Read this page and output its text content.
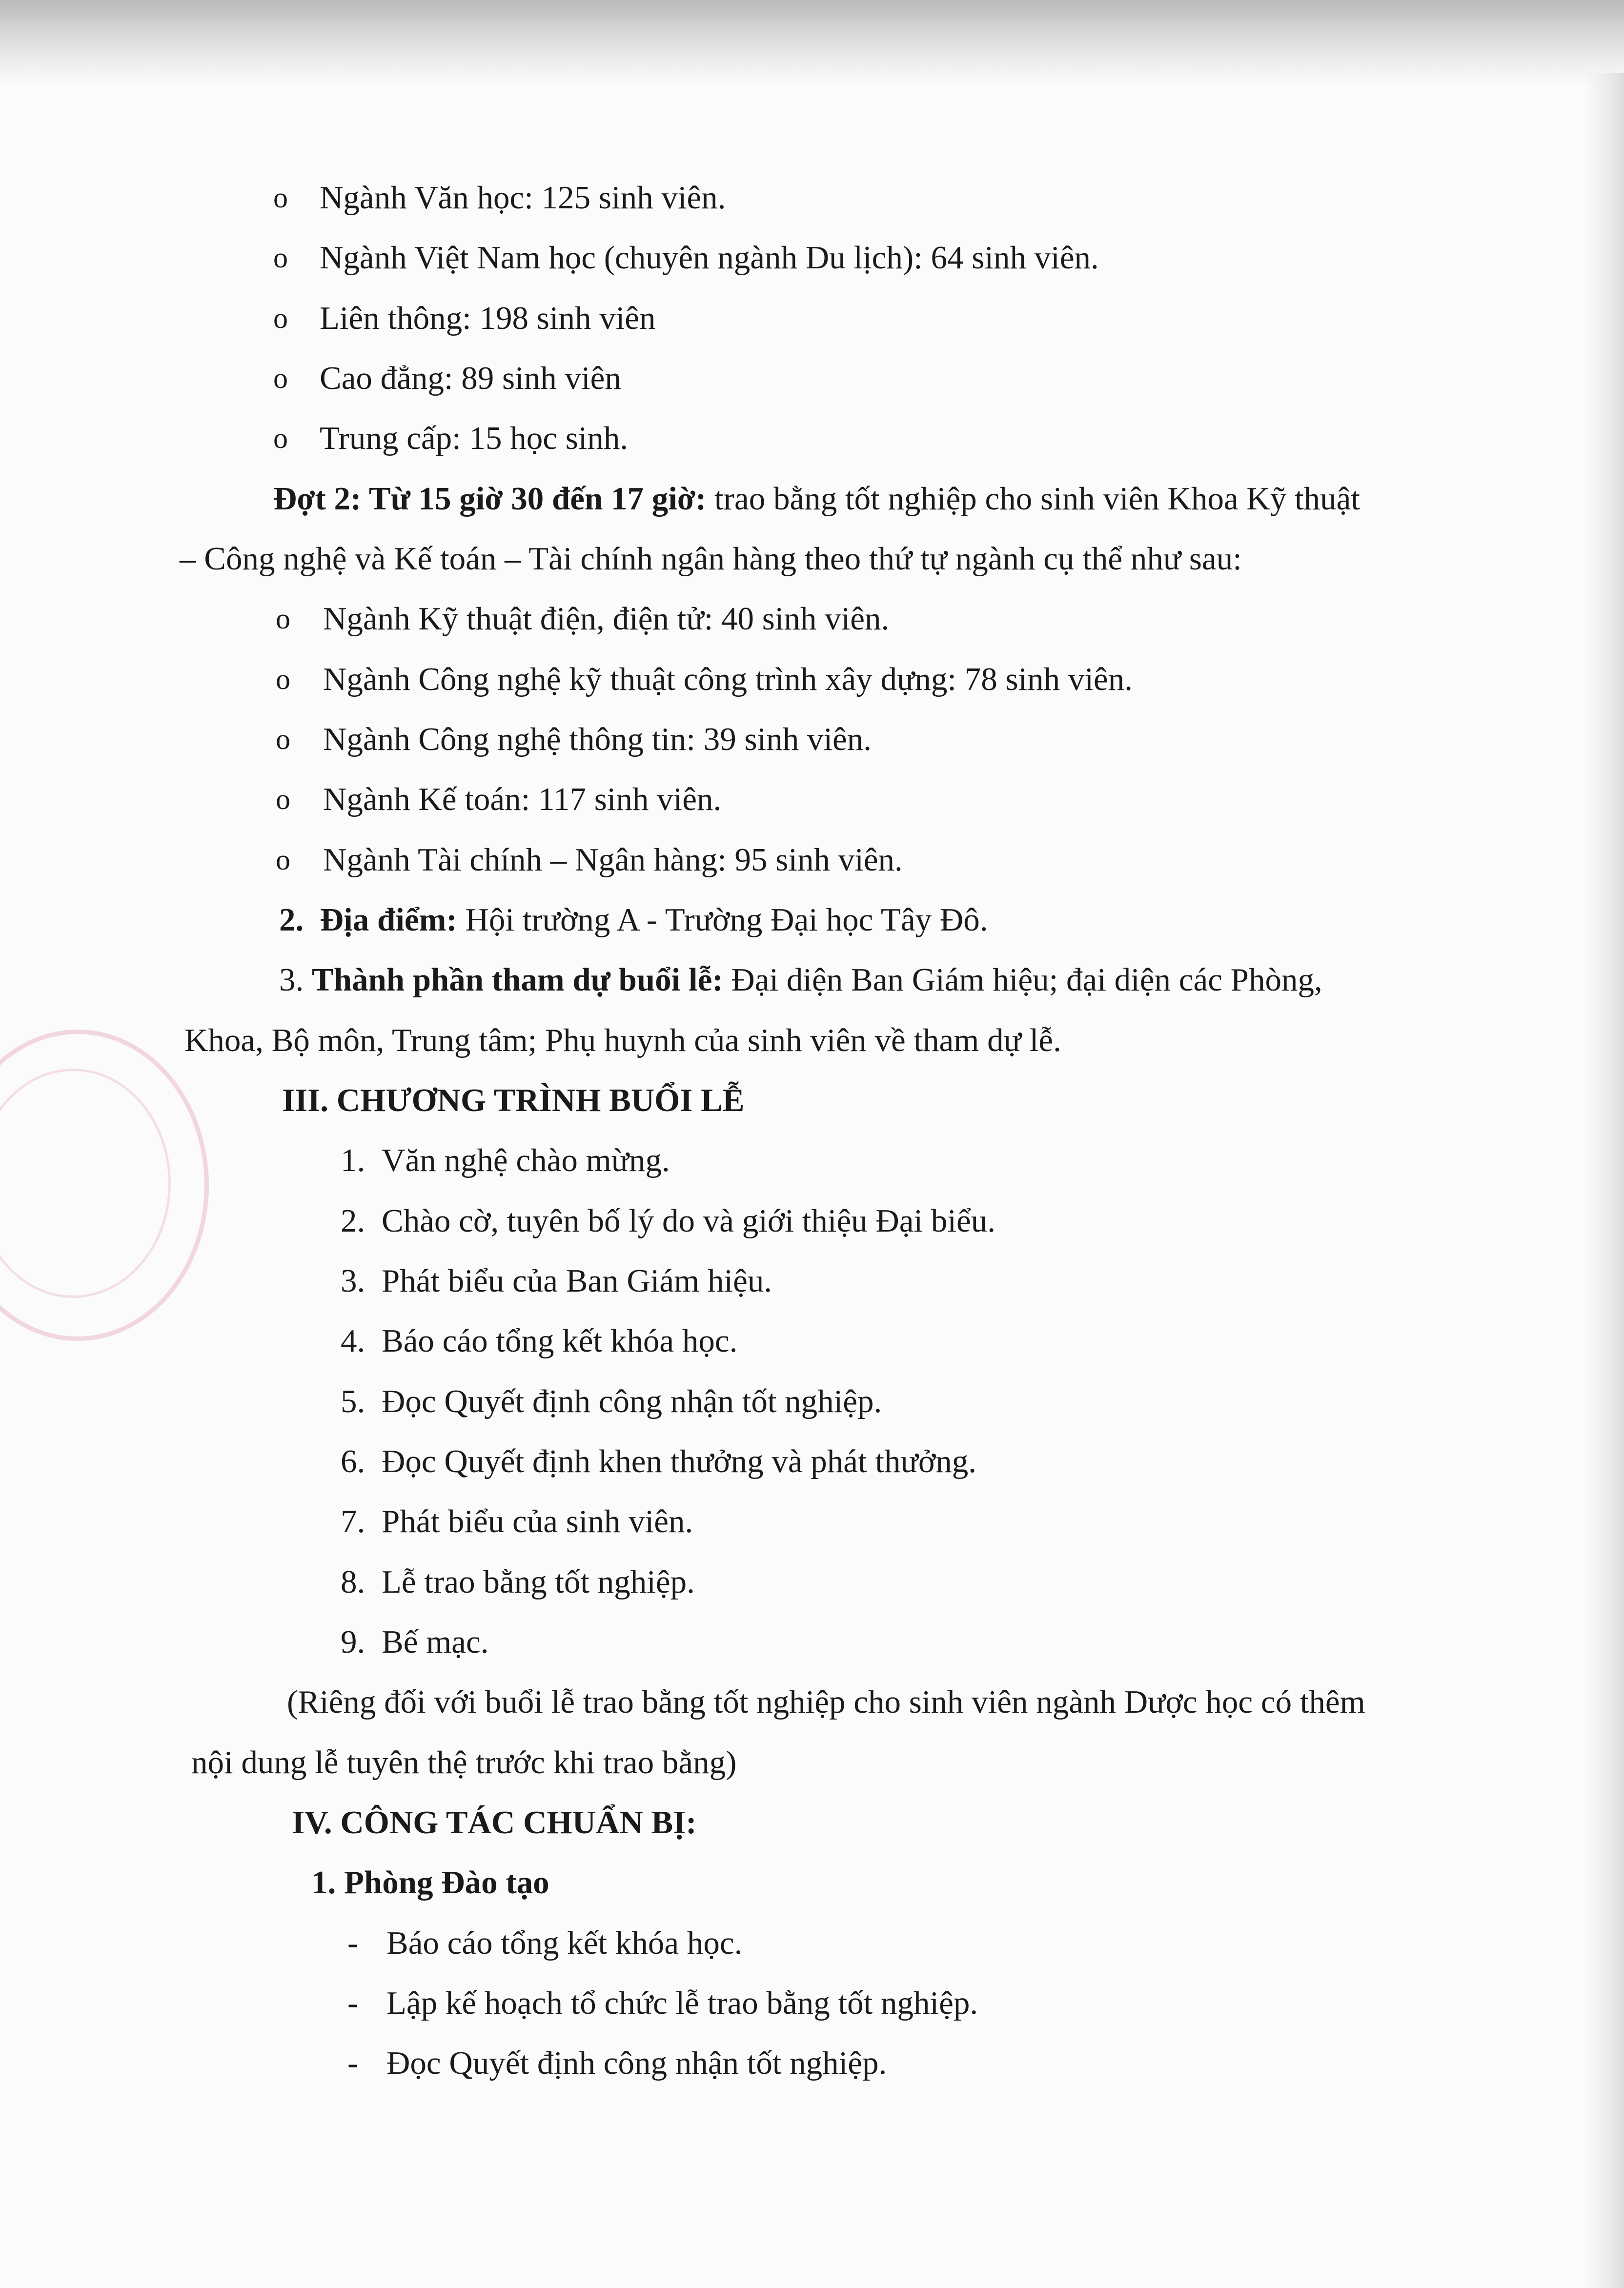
o Ngành Văn học: 125 sinh viên.
o Ngành Việt Nam học (chuyên ngành Du lịch): 64 sinh viên.
o Liên thông: 198 sinh viên
o Cao đẳng: 89 sinh viên
o Trung cấp: 15 học sinh.
Đợt 2: Từ 15 giờ 30 đến 17 giờ: trao bằng tốt nghiệp cho sinh viên Khoa Kỹ thuật
– Công nghệ và Kế toán – Tài chính ngân hàng theo thứ tự ngành cụ thể như sau:
o Ngành Kỹ thuật điện, điện tử: 40 sinh viên.
o Ngành Công nghệ kỹ thuật công trình xây dựng: 78 sinh viên.
o Ngành Công nghệ thông tin: 39 sinh viên.
o Ngành Kế toán: 117 sinh viên.
o Ngành Tài chính – Ngân hàng: 95 sinh viên.
2. Địa điểm: Hội trường A - Trường Đại học Tây Đô.
3. Thành phần tham dự buổi lễ: Đại diện Ban Giám hiệu; đại diện các Phòng,
Khoa, Bộ môn, Trung tâm; Phụ huynh của sinh viên về tham dự lễ.
III. CHƯƠNG TRÌNH BUỔI LỄ
1. Văn nghệ chào mừng.
2. Chào cờ, tuyên bố lý do và giới thiệu Đại biểu.
3. Phát biểu của Ban Giám hiệu.
4. Báo cáo tổng kết khóa học.
5. Đọc Quyết định công nhận tốt nghiệp.
6. Đọc Quyết định khen thưởng và phát thưởng.
7. Phát biểu của sinh viên.
8. Lễ trao bằng tốt nghiệp.
9. Bế mạc.
(Riêng đối với buổi lễ trao bằng tốt nghiệp cho sinh viên ngành Dược học có thêm
nội dung lễ tuyên thệ trước khi trao bằng)
IV. CÔNG TÁC CHUẨN BỊ:
1. Phòng Đào tạo
- Báo cáo tổng kết khóa học.
- Lập kế hoạch tổ chức lễ trao bằng tốt nghiệp.
- Đọc Quyết định công nhận tốt nghiệp.
